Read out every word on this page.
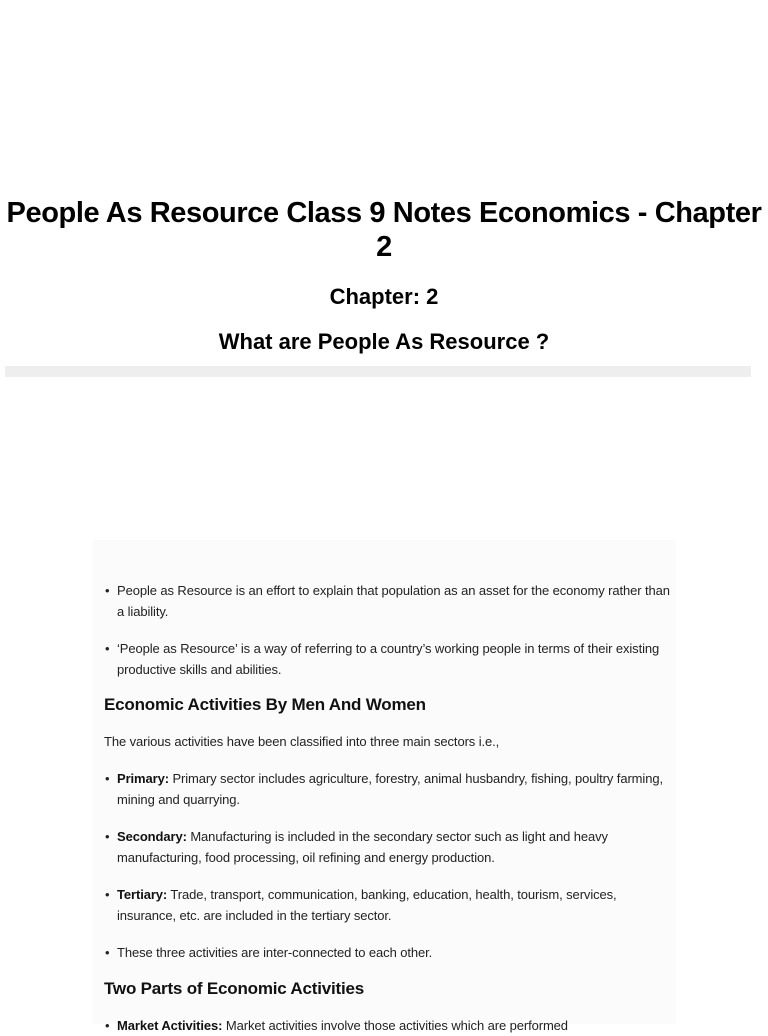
People As Resource Class 9 Notes Economics - Chapter 2
Chapter: 2
What are People As Resource ?
• People as Resource is an effort to explain that population as an asset for the economy rather than a liability.
• ‘People as Resource’ is a way of referring to a country’s working people in terms of their existing productive skills and abilities.
Economic Activities By Men And Women

The various activities have been classified into three main sectors i.e.,

• Primary: Primary sector includes agriculture, forestry, animal husbandry, fishing, poultry farming, mining and quarrying.
• Secondary: Manufacturing is included in the secondary sector such as light and heavy manufacturing, food processing, oil refining and energy production.
• Tertiary: Trade, transport, communication, banking, education, health, tourism, services, insurance, etc. are included in the tertiary sector.
• These three activities are inter-connected to each other.
Two Parts of Economic Activities
• Market Activities: Market activities involve those activities which are performed
